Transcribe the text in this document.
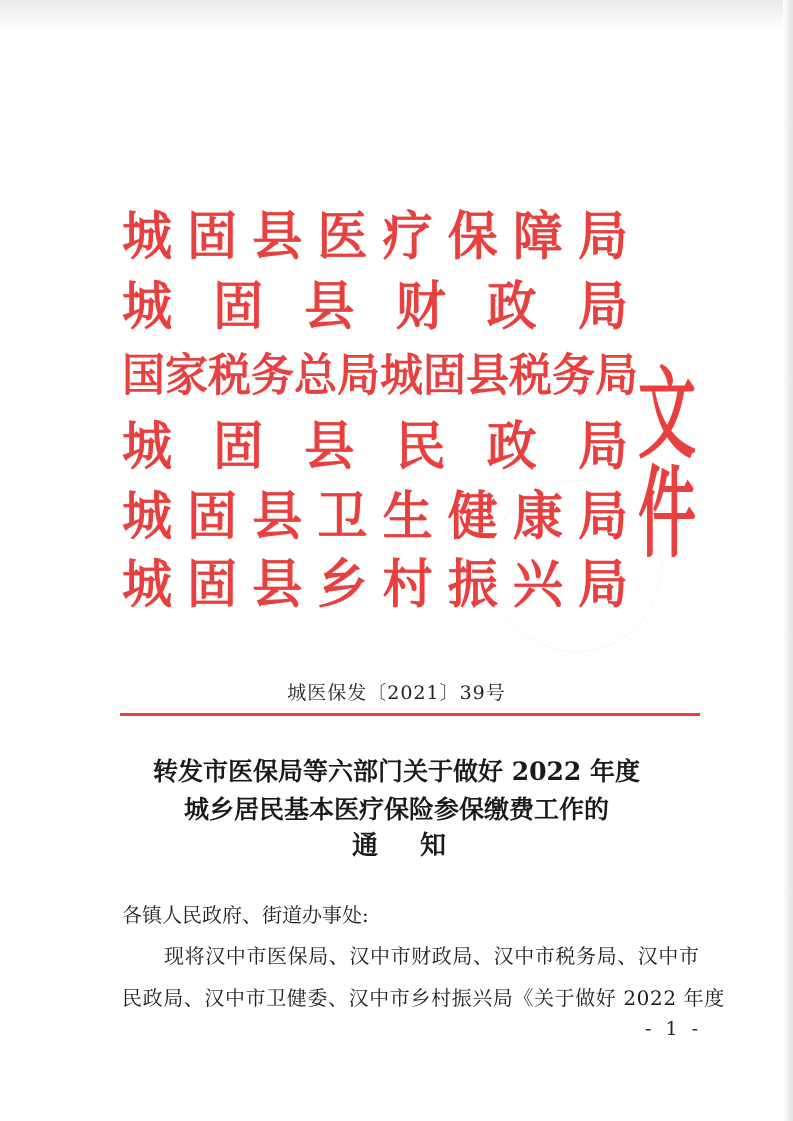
城 固 县 医 疗 保 障 局
城 固 县 财 政 局
国 家 税 务 总 局 城 固 县 税 务 局
城 固 县 民 政 局
城 固 县 卫 生 健 康 局
城 固 县 乡 村 振 兴 局
文件
城医保发〔2021〕39号
转发市医保局等六部门关于做好 2022 年度
城乡居民基本医疗保险参保缴费工作的
通 知
各镇人民政府、街道办事处:
现将汉中市医保局、汉中市财政局、汉中市税务局、汉中市
民政局、汉中市卫健委、汉中市乡村振兴局《关于做好 2022 年度
- 1 -
